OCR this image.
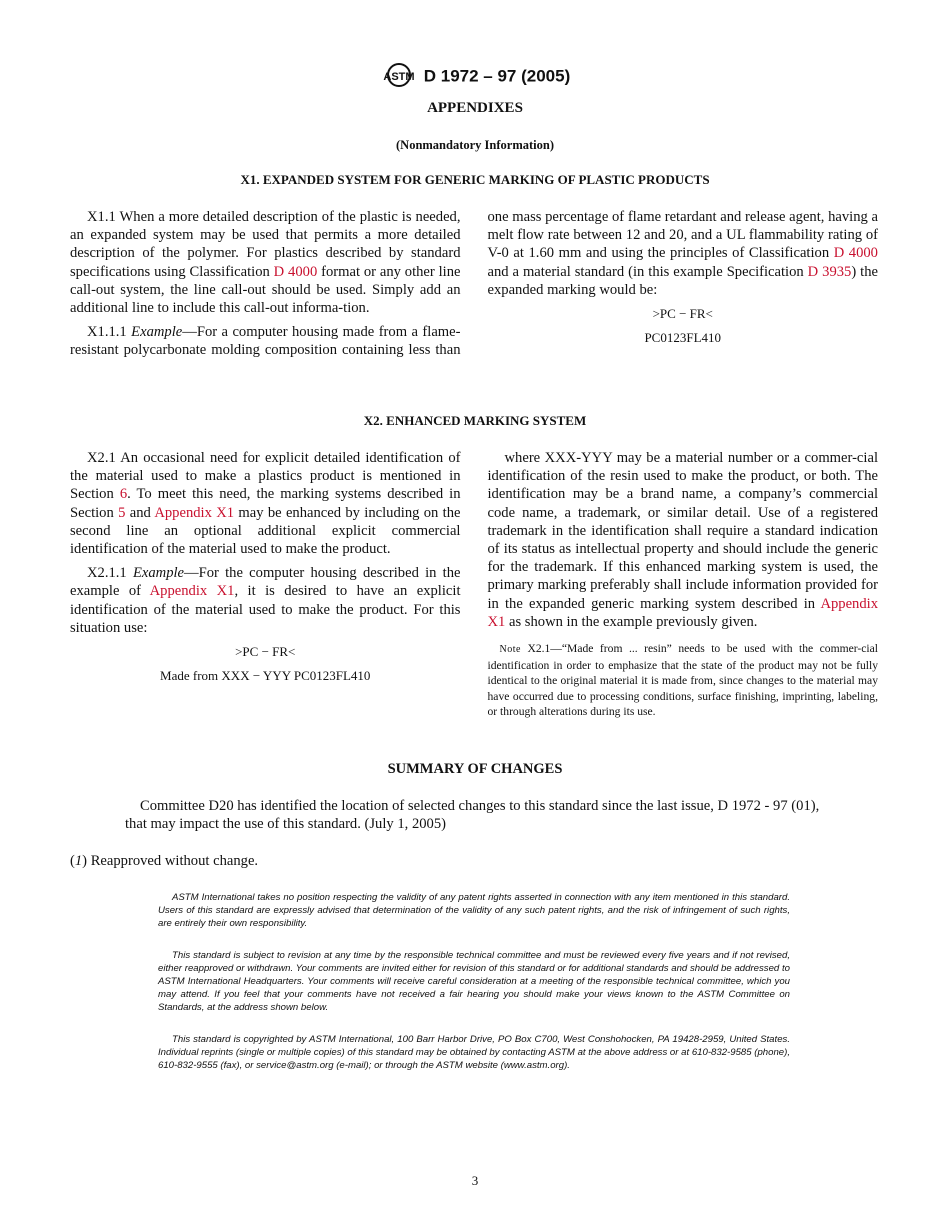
ASTM D 1972 – 97 (2005)
APPENDIXES
(Nonmandatory Information)
X1. EXPANDED SYSTEM FOR GENERIC MARKING OF PLASTIC PRODUCTS

X1.1 When a more detailed description of the plastic is needed, an expanded system may be used that permits a more detailed description of the polymer. For plastics described by standard specifications using Classification D 4000 format or any other line call-out system, the line call-out should be used. Simply add an additional line to include this call-out informa-tion.

X1.1.1 Example—For a computer housing made from a flame-resistant polycarbonate molding composition containing less than one mass percentage of flame retardant and release agent, having a melt flow rate between 12 and 20, and a UL flammability rating of V-0 at 1.60 mm and using the principles of Classification D 4000 and a material standard (in this example Specification D 3935) the expanded marking would be:

>PC − FR<
PC0123FL410
X2. ENHANCED MARKING SYSTEM

X2.1 An occasional need for explicit detailed identification of the material used to make a plastics product is mentioned in Section 6. To meet this need, the marking systems described in Section 5 and Appendix X1 may be enhanced by including on the second line an optional additional explicit commercial identification of the material used to make the product.

X2.1.1 Example—For the computer housing described in the example of Appendix X1, it is desired to have an explicit identification of the material used to make the product. For this situation use:

>PC − FR<
Made from XXX − YYY PC0123FL410

where XXX-YYY may be a material number or a commer-cial identification of the resin used to make the product, or both. The identification may be a brand name, a company’s commercial code name, a trademark, or similar detail. Use of a registered trademark in the identification shall require a standard indication of its status as intellectual property and should include the generic for the trademark. If this enhanced marking system is used, the primary marking preferably shall include information provided for in the expanded generic marking system described in Appendix X1 as shown in the example previously given.

Note X2.1—“Made from ... resin” needs to be used with the commer-cial identification in order to emphasize that the state of the product may not be fully identical to the original material it is made from, since changes to the material may have occurred due to processing conditions, surface finishing, imprinting, labeling, or through alterations during its use.

SUMMARY OF CHANGES
Committee D20 has identified the location of selected changes to this standard since the last issue, D 1972 - 97 (01), that may impact the use of this standard. (July 1, 2005)
(1) Reapproved without change.

ASTM International takes no position respecting the validity of any patent rights asserted in connection with any item mentioned in this standard. Users of this standard are expressly advised that determination of the validity of any such patent rights, and the risk of infringement of such rights, are entirely their own responsibility.

This standard is subject to revision at any time by the responsible technical committee and must be reviewed every five years and if not revised, either reapproved or withdrawn. Your comments are invited either for revision of this standard or for additional standards and should be addressed to ASTM International Headquarters. Your comments will receive careful consideration at a meeting of the responsible technical committee, which you may attend. If you feel that your comments have not received a fair hearing you should make your views known to the ASTM Committee on Standards, at the address shown below.

This standard is copyrighted by ASTM International, 100 Barr Harbor Drive, PO Box C700, West Conshohocken, PA 19428-2959, United States. Individual reprints (single or multiple copies) of this standard may be obtained by contacting ASTM at the above address or at 610-832-9585 (phone), 610-832-9555 (fax), or service@astm.org (e-mail); or through the ASTM website (www.astm.org).

3
